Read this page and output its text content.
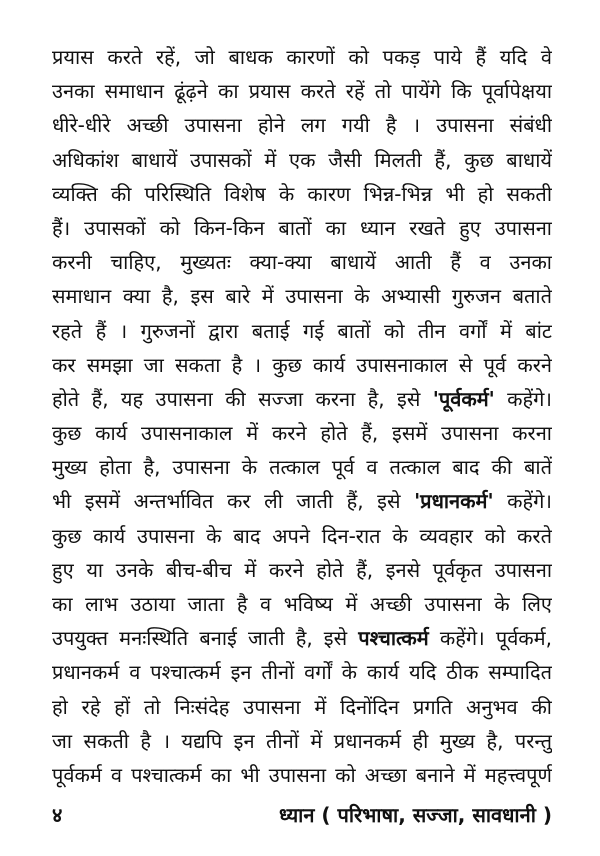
प्रयास करते रहें, जो बाधक कारणों को पकड़ पाये हैं यदि वे
उनका समाधान ढूंढ़ने का प्रयास करते रहें तो पायेंगे कि पूर्वापेक्षया
धीरे-धीरे अच्छी उपासना होने लग गयी है । उपासना संबंधी
अधिकांश बाधायें उपासकों में एक जैसी मिलती हैं, कुछ बाधायें
व्यक्ति की परिस्थिति विशेष के कारण भिन्न-भिन्न भी हो सकती
हैं। उपासकों को किन-किन बातों का ध्यान रखते हुए उपासना
करनी चाहिए, मुख्यतः क्या-क्या बाधायें आती हैं व उनका
समाधान क्या है, इस बारे में उपासना के अभ्यासी गुरुजन बताते
रहते हैं । गुरुजनों द्वारा बताई गई बातों को तीन वर्गों में बांट
कर समझा जा सकता है । कुछ कार्य उपासनाकाल से पूर्व करने
होते हैं, यह उपासना की सज्जा करना है, इसे 'पूर्वकर्म' कहेंगे।
कुछ कार्य उपासनाकाल में करने होते हैं, इसमें उपासना करना
मुख्य होता है, उपासना के तत्काल पूर्व व तत्काल बाद की बातें
भी इसमें अन्तर्भावित कर ली जाती हैं, इसे 'प्रधानकर्म' कहेंगे।
कुछ कार्य उपासना के बाद अपने दिन-रात के व्यवहार को करते
हुए या उनके बीच-बीच में करने होते हैं, इनसे पूर्वकृत उपासना
का लाभ उठाया जाता है व भविष्य में अच्छी उपासना के लिए
उपयुक्त मनःस्थिति बनाई जाती है, इसे पश्चात्कर्म कहेंगे। पूर्वकर्म,
प्रधानकर्म व पश्चात्कर्म इन तीनों वर्गों के कार्य यदि ठीक सम्पादित
हो रहे हों तो निःसंदेह उपासना में दिनोंदिन प्रगति अनुभव की
जा सकती है । यद्यपि इन तीनों में प्रधानकर्म ही मुख्य है, परन्तु
पूर्वकर्म व पश्चात्कर्म का भी उपासना को अच्छा बनाने में महत्त्वपूर्ण
४	ध्यान ( परिभाषा, सज्जा, सावधानी )
